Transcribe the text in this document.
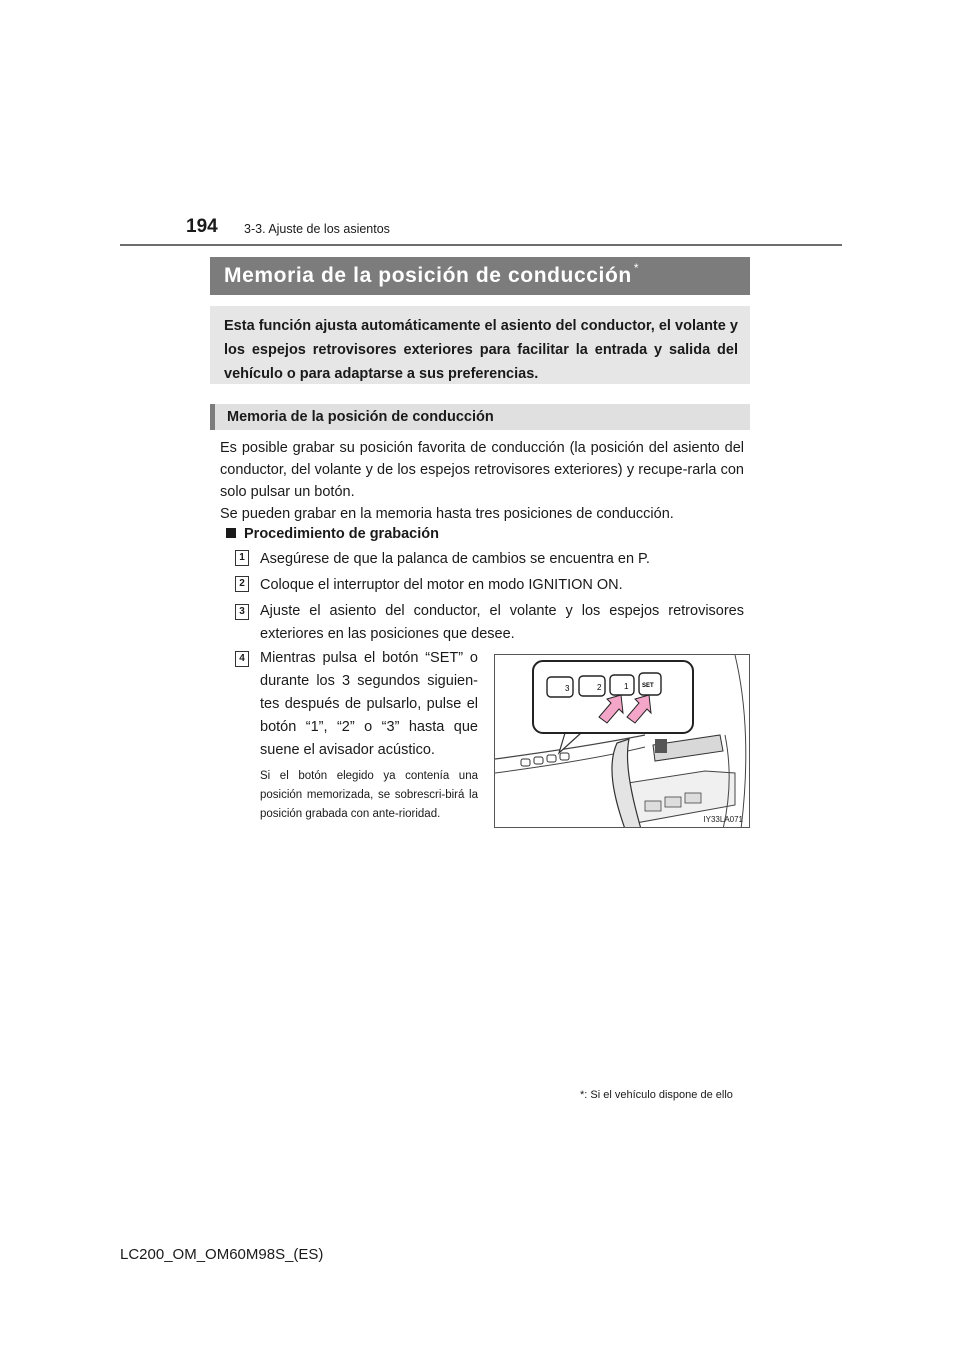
194 3-3. Ajuste de los asientos
Memoria de la posición de conducción *
Esta función ajusta automáticamente el asiento del conductor, el volante y los espejos retrovisores exteriores para facilitar la entrada y salida del vehículo o para adaptarse a sus preferencias.
Memoria de la posición de conducción

Es posible grabar su posición favorita de conducción (la posición del asiento del conductor, del volante y de los espejos retrovisores exteriores) y recupe-rarla con solo pulsar un botón.

Se pueden grabar en la memoria hasta tres posiciones de conducción.

Procedimiento de grabación
1 Asegúrese de que la palanca de cambios se encuentra en P.
2 Coloque el interruptor del motor en modo IGNITION ON.
3 Ajuste el asiento del conductor, el volante y los espejos retrovisores exteriores en las posiciones que desee.
4 Mientras pulsa el botón “SET” o durante los 3 segundos siguien-tes después de pulsarlo, pulse el botón “1”, “2” o “3” hasta que suene el avisador acústico.
Si el botón elegido ya contenía una posición memorizada, se sobrescri-birá la posición grabada con ante-rioridad.
3	2	1 SET
IY33LA071
*: Si el vehículo dispone de ello
LC200_OM_OM60M98S_(ES)
